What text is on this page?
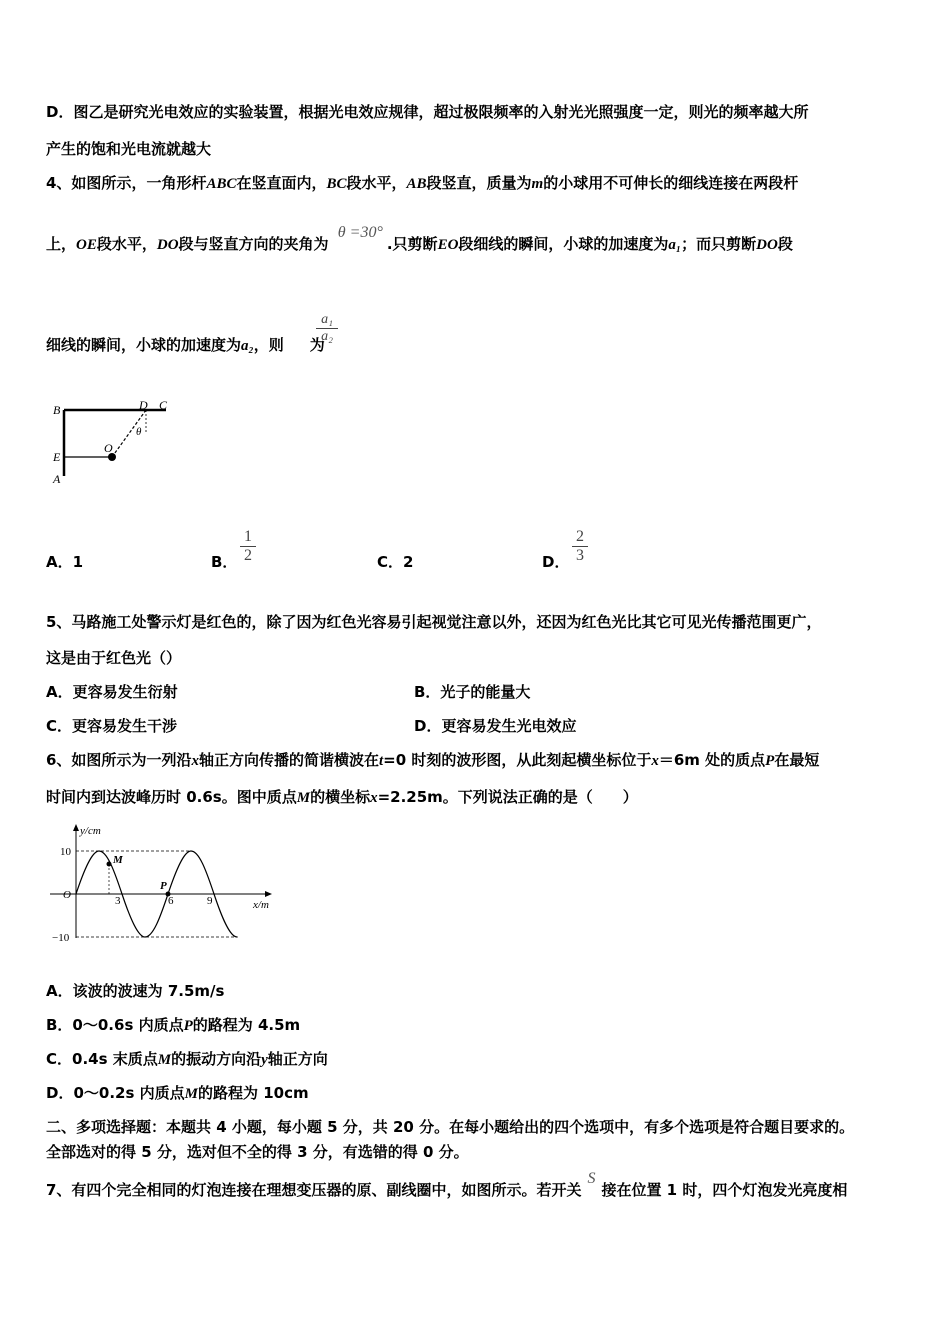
D．图乙是研究光电效应的实验装置，根据光电效应规律，超过极限频率的入射光光照强度一定，则光的频率越大所
产生的饱和光电流就越大
4、如图所示，一角形杆ABC在竖直面内，BC段水平，AB段竖直，质量为m的小球用不可伸长的细线连接在两段杆
上，OE段水平，DO段与竖直方向的夹角为 θ =30°.只剪断EO段细线的瞬间，小球的加速度为a₁；而只剪断DO段
细线的瞬间，小球的加速度为a₂，则 为
$\frac{\text{a₁}}{\text{a₂}}$
B	D C
θ
O
E
A
A．1	B． $\frac{1}{2}$	C．2	D． $\frac{2}{3}$
5、马路施工处警示灯是红色的，除了因为红色光容易引起视觉注意以外，还因为红色光比其它可见光传播范围更广，
这是由于红色光（）
A．更容易发生衍射	B．光子的能量大
C．更容易发生干涉	D．更容易发生光电效应
6、如图所示为一列沿x轴正方向传播的简谐横波在t=0 时刻的波形图，从此刻起横坐标位于x＝6m 处的质点P在最短
时间内到达波峰历时 0.6s。图中质点M的横坐标x=2.25m。下列说法正确的是（　　）
y/cm
x/m
10
−10
O	3	6	9
M
P
A．该波的波速为 7.5m/s
B．0～0.6s 内质点P的路程为 4.5m
C．0.4s 末质点M的振动方向沿y轴正方向
D．0～0.2s 内质点M的路程为 10cm
二、多项选择题：本题共 4 小题，每小题 5 分，共 20 分。在每小题给出的四个选项中，有多个选项是符合题目要求的。
全部选对的得 5 分，选对但不全的得 3 分，有选错的得 0 分。
7、有四个完全相同的灯泡连接在理想变压器的原、副线圈中，如图所示。若开关S接在位置 1 时，四个灯泡发光亮度相
